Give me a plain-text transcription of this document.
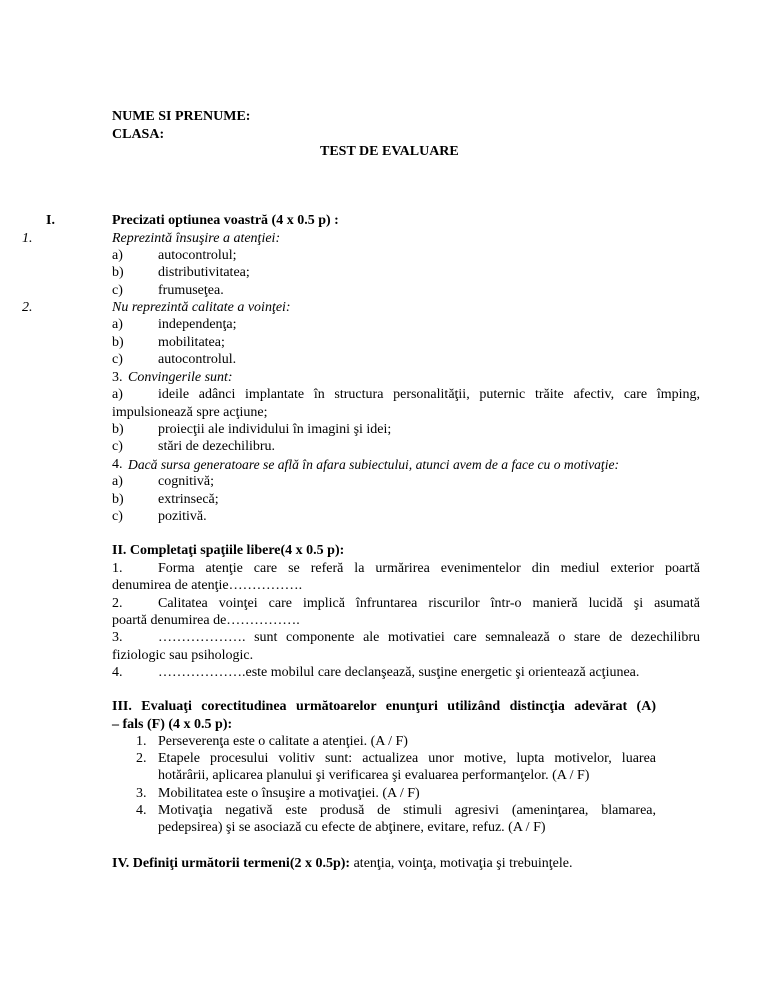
NUME SI PRENUME:
CLASA:
TEST DE EVALUARE
I.	Precizati optiunea voastră (4 x 0.5 p) :
1.	Reprezintă însuşire a atenţiei:
a)	autocontrolul;
b) distributivitatea;
c)	frumuseţea.
2.	Nu reprezintă calitate a voinţei:
a)	independenţa;
b) mobilitatea;
c)	autocontrolul.
3. Convingerile sunt:
a)	ideile adânci implantate în structura personalităţii, puternic trăite afectiv, care împing,
impulsionează spre acţiune;
b) proiecţii ale individului în imagini şi idei;
c)	stări de dezechilibru.
4. Dacă sursa generatoare se află în afara subiectului, atunci avem de a face cu o motivaţie:
a)	cognitivă;
b) extrinsecă;
c)	pozitivă.
II. Completaţi spaţiile libere(4 x 0.5 p):
1.	Forma atenţie care se referă la urmărirea evenimentelor din mediul exterior poartă
denumirea de atenţie…………….
2.	Calitatea voinţei care implică înfruntarea riscurilor într-o manieră lucidă şi asumată
poartă denumirea de…………….
3.	………………. sunt componente ale motivatiei care semnalează o stare de dezechilibru
fiziologic sau psihologic.
4.	……………….este mobilul care declanşează, susţine energetic şi orientează acţiunea.
III. Evaluaţi corectitudinea următoarelor enunţuri utilizând distincţia adevărat (A)
– fals (F) (4 x 0.5 p):
1. Perseverenţa este o calitate a atenţiei. (A / F)
2. Etapele procesului volitiv sunt: actualizea unor motive, lupta motivelor, luarea
hotărârii, aplicarea planului şi verificarea şi evaluarea performanţelor. (A / F)
3. Mobilitatea este o însuşire a motivaţiei. (A / F)
4. Motivaţia negativă este produsă de stimuli agresivi (ameninţarea, blamarea,
pedepsirea) şi se asociază cu efecte de abţinere, evitare, refuz. (A / F)
IV. Definiţi următorii termeni(2 x 0.5p): atenţia, voinţa, motivaţia şi trebuinţele.
